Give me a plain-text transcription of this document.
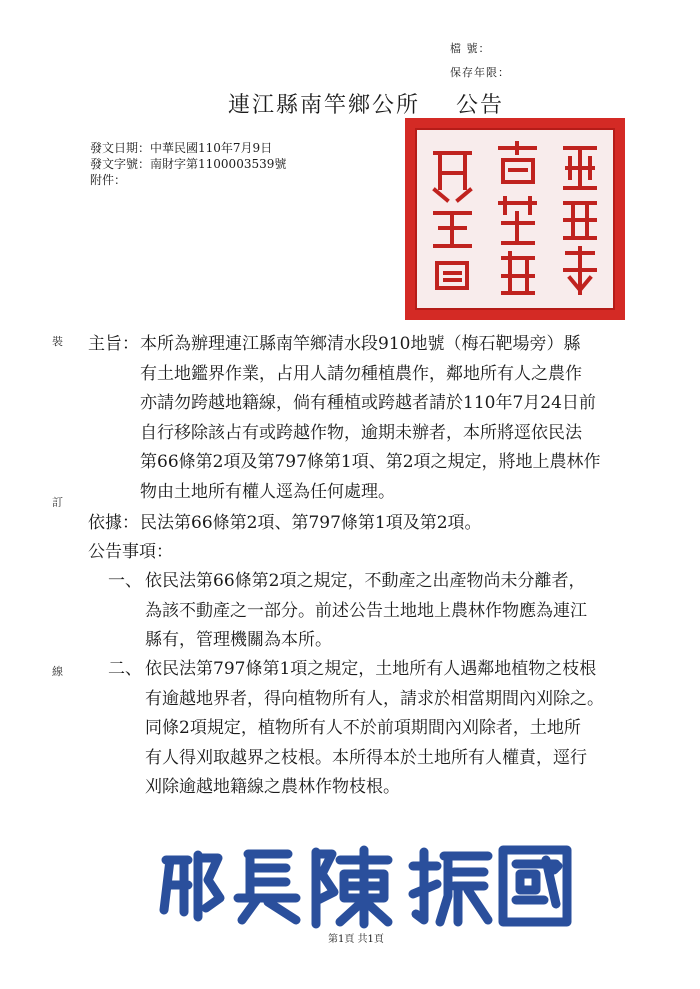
檔 號：
保存年限：
連江縣南竿鄉公所 公告
發文日期：中華民國110年7月9日
發文字號：南財字第1100003539號
附件：
裝
訂
線
主旨： 本所為辦理連江縣南竿鄉清水段910地號（梅石靶場旁）縣
有土地鑑界作業，占用人請勿種植農作，鄰地所有人之農作
亦請勿跨越地籍線，倘有種植或跨越者請於110年7月24日前
自行移除該占有或跨越作物，逾期未辦者，本所將逕依民法
第66條第2項及第797條第1項、第2項之規定，將地上農林作
物由土地所有權人逕為任何處理。
依據： 民法第66條第2項、第797條第1項及第2項。
公告事項：
一、 依民法第66條第2項之規定，不動產之出產物尚未分離者，
為該不動產之一部分。前述公告土地地上農林作物應為連江
縣有，管理機關為本所。
二、 依民法第797條第1項之規定，土地所有人遇鄰地植物之枝根
有逾越地界者，得向植物所有人，請求於相當期間內刈除之。
同條2項規定，植物所有人不於前項期間內刈除者，土地所
有人得刈取越界之枝根。本所得本於土地所有人權責，逕行
刈除逾越地籍線之農林作物枝根。
第1頁 共1頁
